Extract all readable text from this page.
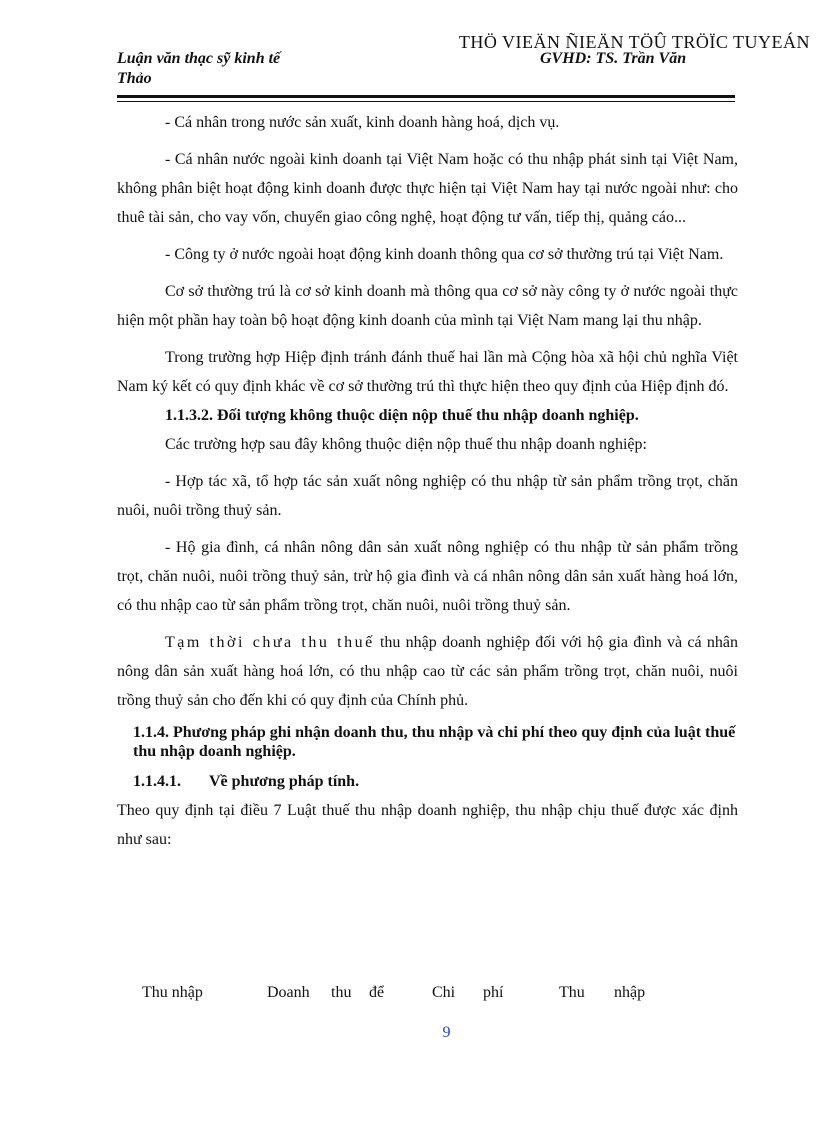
THÖ VIEÄN ÑIEÄN TÖÛ TRÖÏC TUYEÁN
Luận văn thạc sỹ kinh tế
Thảo
GVHD: TS. Trần Văn

- Cá nhân trong nước sản xuất, kinh doanh hàng hoá, dịch vụ.

- Cá nhân nước ngoài kinh doanh tại Việt Nam hoặc có thu nhập phát sinh tại Việt Nam, không phân biệt hoạt động kinh doanh được thực hiện tại Việt Nam hay tại nước ngoài như: cho thuê tài sản, cho vay vốn, chuyển giao công nghệ, hoạt động tư vấn, tiếp thị, quảng cáo...

- Công ty ở nước ngoài hoạt động kinh doanh thông qua cơ sở thường trú tại Việt Nam.

Cơ sở thường trú là cơ sở kinh doanh mà thông qua cơ sở này công ty ở nước ngoài thực hiện một phần hay toàn bộ hoạt động kinh doanh của mình tại Việt Nam mang lại thu nhập.

Trong trường hợp Hiệp định tránh đánh thuế hai lần mà Cộng hòa xã hội chủ nghĩa Việt Nam ký kết có quy định khác về cơ sở thường trú thì thực hiện theo quy định của Hiệp định đó.

1.1.3.2. Đối tượng không thuộc diện nộp thuế thu nhập doanh nghiệp.

Các trường hợp sau đây không thuộc diện nộp thuế thu nhập doanh nghiệp:

- Hợp tác xã, tổ hợp tác sản xuất nông nghiệp có thu nhập từ sản phẩm trồng trọt, chăn nuôi, nuôi trồng thuỷ sản.

- Hộ gia đình, cá nhân nông dân sản xuất nông nghiệp có thu nhập từ sản phẩm trồng trọt, chăn nuôi, nuôi trồng thuỷ sản, trừ hộ gia đình và cá nhân nông dân sản xuất hàng hoá lớn, có thu nhập cao từ sản phẩm trồng trọt, chăn nuôi, nuôi trồng thuỷ sản.

Tạm thời chưa thu thuế thu nhập doanh nghiệp đối với hộ gia đình và cá nhân nông dân sản xuất hàng hoá lớn, có thu nhập cao từ các sản phẩm trồng trọt, chăn nuôi, nuôi trồng thuỷ sản cho đến khi có quy định của Chính phủ.

1.1.4. Phương pháp ghi nhận doanh thu, thu nhập và chi phí theo quy định của luật thuế thu nhập doanh nghiệp.

1.1.4.1. Về phương pháp tính.

Theo quy định tại điều 7 Luật thuế thu nhập doanh nghiệp, thu nhập chịu thuế được xác định như sau:

Thu nhập	Doanh thu để	Chi phí	Thu nhập
9
